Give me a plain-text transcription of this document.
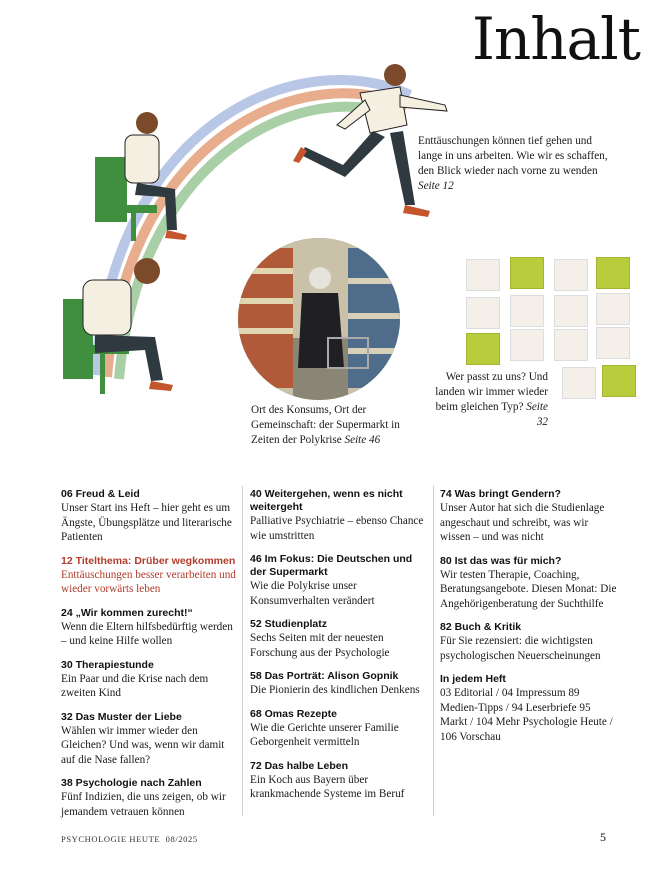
Inhalt
Enttäuschungen können tief gehen und lange in uns arbeiten. Wie wir es schaffen, den Blick wieder nach vorne zu wenden Seite 12
Ort des Konsums, Ort der Gemeinschaft: der Supermarkt in Zeiten der Polykrise Seite 46
Wer passt zu uns? Und landen wir immer wieder beim gleichen Typ? Seite 32
06 Freud & Leid
Unser Start ins Heft – hier geht es um Ängste, Übungsplätze und literarische Patienten
12 Titelthema: Drüber wegkommen
Enttäuschungen besser verarbeiten und wieder vorwärts leben
24 „Wir kommen zurecht!“
Wenn die Eltern hilfsbedürftig werden – und keine Hilfe wollen
30 Therapiestunde
Ein Paar und die Krise nach dem zweiten Kind
32 Das Muster der Liebe
Wählen wir immer wieder den Gleichen? Und was, wenn wir damit auf die Nase fallen?
38 Psychologie nach Zahlen
Fünf Indizien, die uns zeigen, ob wir jemandem vetrauen können
40 Weitergehen, wenn es nicht weitergeht
Palliative Psychiatrie – ebenso Chance wie umstritten
46 Im Fokus: Die Deutschen und der Supermarkt
Wie die Polykrise unser Konsumverhalten verändert
52 Studienplatz
Sechs Seiten mit der neuesten Forschung aus der Psychologie
58 Das Porträt: Alison Gopnik
Die Pionierin des kindlichen Denkens
68 Omas Rezepte
Wie die Gerichte unserer Familie Geborgenheit vermitteln
72 Das halbe Leben
Ein Koch aus Bayern über krankmachende Systeme im Beruf
74 Was bringt Gendern?
Unser Autor hat sich die Studienlage angeschaut und schreibt, was wir wissen – und was nicht
80 Ist das was für mich?
Wir testen Therapie, Coaching, Beratungsangebote. Diesen Monat: Die Angehörigenberatung der Suchthilfe
82 Buch & Kritik
Für Sie rezensiert: die wichtigsten psychologischen Neuerscheinungen
In jedem Heft
03 Editorial / 04 Impressum 89 Medien-Tipps / 94 Leserbriefe 95 Markt / 104 Mehr Psychologie Heute / 106 Vorschau
PSYCHOLOGIE HEUTE 08/2025	5
